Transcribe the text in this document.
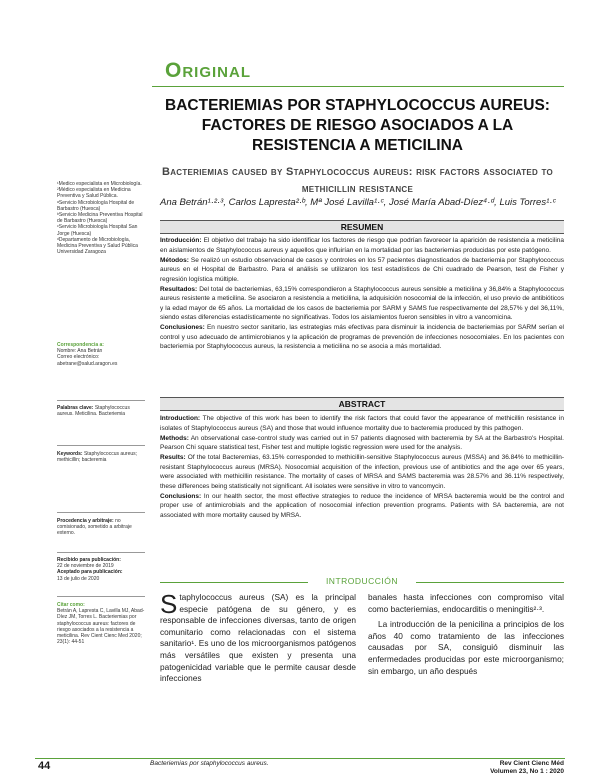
Original
BACTERIEMIAS POR STAPHYLOCOCCUS AUREUS: FACTORES DE RIESGO ASOCIADOS A LA RESISTENCIA A METICILINA
Bacteriemias caused by Staphylococcus aureus: risk factors associated to methicillin resistance
Ana Betrán¹·²·³, Carlos Lapresta²·ᵇ, Mª José Lavilla¹·ᶜ, José María Abad-Díez⁴·ᵈ, Luis Torres¹·ᶜ
¹Medico especialista en Microbiología.
²Médico especialista en Medicina Preventiva y Salud Pública.
ᵃServicio Microbiología Hospital de Barbastro (Huesca)
ᵇServicio Medicina Preventiva Hospital de Barbastro (Huesca)
ᶜServicio Microbiología Hospital San Jorge (Huesca)
ᵈDepartamento de Microbiología, Medicina Preventiva y Salud Pública Universidad Zaragoza
Correspondencia a:
Nombre: Ana Betrán
Correo electrónico: abetrane@salud.aragon.es
Palabras clave: Staphylococcus aureus. Meticilina. Bacteriemia
Keywords: Staphylococcus aureus; methicillin; bacteremia
Procedencia y arbitraje: no comisionado, sometido a arbitraje externo.
Recibido para publicación:
22 de noviembre de 2019
Aceptado para publicación:
13 de julio de 2020
Citar como:
Betrán A, Lapresta C, Lavilla MJ, Abad-Díez JM, Torres L. Bacteriemias por staphylococcus aureus: factores de riesgo asociados a la resistencia a meticilina. Rev Cient Cienc Med 2020; 23(1): 44-51
RESUMEN

Introducción: El objetivo del trabajo ha sido identificar los factores de riesgo que podrían favorecer la aparición de resistencia a meticilina en aislamientos de Staphylococcus aureus y aquellos que influirían en la mortalidad por las bacteriemias producidas por este patógeno.

Métodos: Se realizó un estudio observacional de casos y controles en los 57 pacientes diagnosticados de bacteriemia por Staphylococcus aureus en el Hospital de Barbastro. Para el análisis se utilizaron los test estadísticos de Chi cuadrado de Pearson, test de Fisher y regresión logística múltiple.

Resultados: Del total de bacteriemias, 63,15% correspondieron a Staphylococcus aureus sensible a meticilina y 36,84% a Staphylococcus aureus resistente a meticilina. Se asociaron a resistencia a meticilina, la adquisición nosocomial de la infección, el uso previo de antibióticos y la edad mayor de 65 años. La mortalidad de los casos de bacteriemia por SARM y SAMS fue respectivamente del 28,57% y del 36,11%, siendo estas diferencias estadísticamente no significativas. Todos los aislamientos fueron sensibles in vitro a vancomicina.

Conclusiones: En nuestro sector sanitario, las estrategias más efectivas para disminuir la incidencia de bacteriemias por SARM serían el control y uso adecuado de antimicrobianos y la aplicación de programas de prevención de infecciones nosocomiales. En los pacientes con bacteriemia por Staphylococcus aureus, la resistencia a meticilina no se asocia a más mortalidad.

ABSTRACT

Introduction: The objective of this work has been to identify the risk factors that could favor the appearance of methicillin resistance in isolates of Staphylococcus aureus (SA) and those that would influence mortality due to bacteremia produced by this pathogen.

Methods: An observational case-control study was carried out in 57 patients diagnosed with bacteremia by SA at the Barbastro's Hospital. Pearson Chi square statistical test, Fisher test and multiple logistic regression were used for the analysis.

Results: Of the total Bacteremias, 63.15% corresponded to methicillin-sensitive Staphylococcus aureus (MSSA) and 36.84% to methicillin-resistant Staphylococcus aureus (MRSA). Nosocomial acquisition of the infection, previous use of antibiotics and the age over 65 years, were associated with methicillin resistance. The mortality of cases of MRSA and SAMS bacteremia was 28.57% and 36.11% respectively, these differences being statistically not significant. All isolates were sensitive in vitro to vancomycin.

Conclusions: In our health sector, the most effective strategies to reduce the incidence of MRSA bacteremia would be the control and proper use of antimicrobials and the application of nosocomial infection prevention programs. Patients with SA bacteremia, are not associated with more mortality caused by MRSA.

INTRODUCCIÓN
Staphylococcus aureus (SA) es la principal especie patógena de su género, y es responsable de infecciones diversas, tanto de origen comunitario como relacionadas con el sistema sanitario¹. Es uno de los microorganismos patógenos más versátiles que existen y presenta una patogenicidad variable que le permite causar desde infecciones
banales hasta infecciones con compromiso vital como bacteriemias, endocarditis o meningitis²·³.
La introducción de la penicilina a principios de los años 40 como tratamiento de las infecciones causadas por SA, consiguió disminuir las enfermedades producidas por este microorganismo; sin embargo, un año después
44	Bacteriemias por staphylococcus aureus.	Rev Cient Cienc Méd
Volumen 23, No 1 : 2020
